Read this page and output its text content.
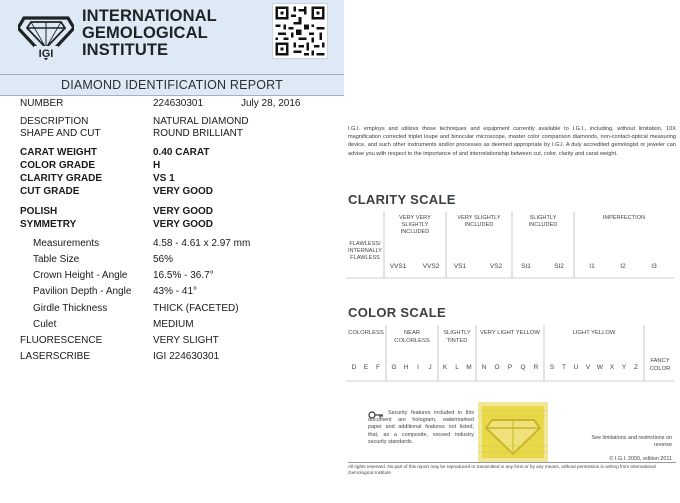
IGI
INTERNATIONAL
GEMOLOGICAL
INSTITUTE
DIAMOND IDENTIFICATION REPORT
NUMBER	224630301	July 28, 2016
DESCRIPTION	NATURAL DIAMOND
SHAPE AND CUT	ROUND BRILLIANT
CARAT WEIGHT	0.40 CARAT
COLOR GRADE	H
CLARITY GRADE	VS 1
CUT GRADE	VERY GOOD
POLISH	VERY GOOD
SYMMETRY	VERY GOOD
Measurements	4.58 - 4.61 x 2.97 mm
Table Size	56%
Crown Height - Angle	16.5% - 36.7°
Pavilion Depth - Angle 43% - 41°
Girdle Thickness	THICK (FACETED)
Culet	MEDIUM
FLUORESCENCE	VERY SLIGHT
LASERSCRIBE	IGI 224630301
I.G.I. employs and utilizes those techniques and equipment currently available to I.G.I., including, without limitation, 10X magnification corrected triplet loupe and binocular microscope, master color comparison diamonds, non-contact-optical measuring device, and such other instruments and/or processes as deemed appropriate by I.G.I. A duly accredited gemologist or jeweler can advise you with respect to the importance of and interrelationship between cut, color, clarity and carat weight.
CLARITY SCALE
FLAWLESS/
INTERNALLY
FLAWLESS
VERY VERY
SLIGHTLY
INCLUDED
VERY SLIGHTLY
INCLUDED
SLIGHTLY
INCLUDED
IMPERFECTION
VVS1	VVS2 VS1	VS2	SI1	SI2	I1	I2	I3
COLOR SCALE
COLORLESS	NEAR
COLORLESS
SLIGHTLY
TINTED
VERY LIGHT YELLOW	LIGHT YELLOW
FANCY
COLOR
D E F G H I J K L M N O P Q R S T U V W X Y Z
Security features included in this document are hologram, watermarked paper and additional features not listed, that, as a composite, exceed industry security standards.
See limitations and restrictions on reverse
© I.G.I. 2000, edition 2011
All rights reserved. No part of this report may be reproduced or transmitted in any form or by any means, without permission in writing from International Gemological Institute
